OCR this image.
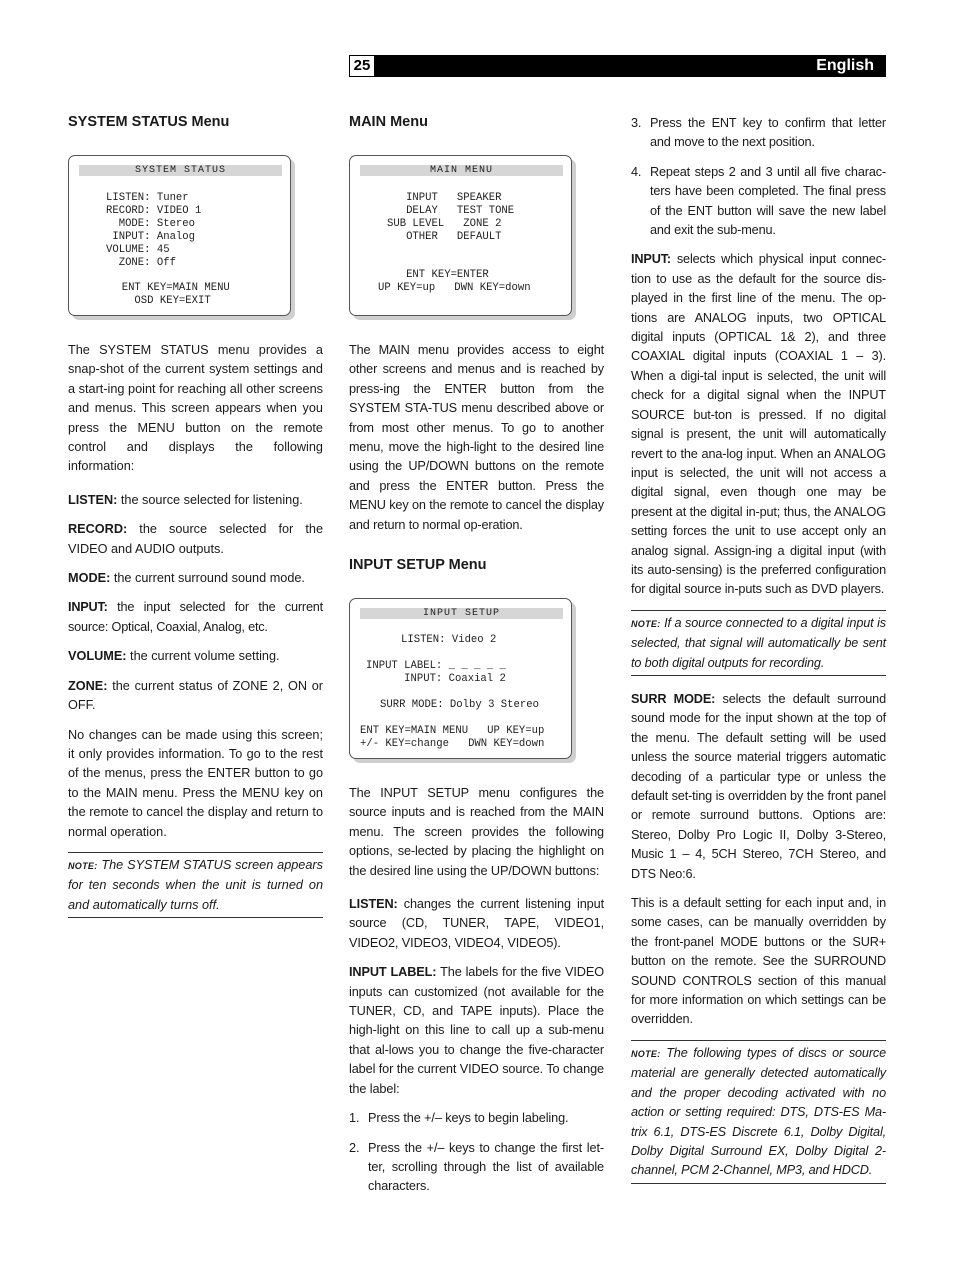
25	English
SYSTEM STATUS Menu
SYSTEM STATUS
LISTEN: Tuner
RECORD: VIDEO 1
MODE: Stereo
INPUT: Analog
VOLUME: 45
ZONE: Off
ENT KEY=MAIN MENU
OSD KEY=EXIT

The SYSTEM STATUS menu provides a snap-shot of the current system settings and a start-ing point for reaching all other screens and menus. This screen appears when you press the MENU button on the remote control and displays the following information:

LISTEN: the source selected for listening.

RECORD: the source selected for the VIDEO and AUDIO outputs.

MODE: the current surround sound mode.

INPUT: the input selected for the current source: Optical, Coaxial, Analog, etc.

VOLUME: the current volume setting.

ZONE: the current status of ZONE 2, ON or OFF.

No changes can be made using this screen; it only provides information. To go to the rest of the menus, press the ENTER button to go to the MAIN menu. Press the MENU key on the remote to cancel the display and return to normal operation.

NOTE: The SYSTEM STATUS screen appears for ten seconds when the unit is turned on and automatically turns off.
MAIN Menu
MAIN MENU
INPUT   SPEAKER
DELAY   TEST TONE
SUB LEVEL   ZONE 2
OTHER   DEFAULT
ENT KEY=ENTER
UP KEY=up   DWN KEY=down

The MAIN menu provides access to eight other screens and menus and is reached by press-ing the ENTER button from the SYSTEM STA-TUS menu described above or from most other menus. To go to another menu, move the high-light to the desired line using the UP/DOWN buttons on the remote and press the ENTER button. Press the MENU key on the remote to cancel the display and return to normal op-eration.

INPUT SETUP Menu
INPUT SETUP
LISTEN: Video 2
INPUT LABEL: _ _ _ _ _
INPUT: Coaxial 2
SURR MODE: Dolby 3 Stereo
ENT KEY=MAIN MENU   UP KEY=up
+/- KEY=change   DWN KEY=down

The INPUT SETUP menu configures the source inputs and is reached from the MAIN menu. The screen provides the following options, se-lected by placing the highlight on the desired line using the UP/DOWN buttons:

LISTEN: changes the current listening input source (CD, TUNER, TAPE, VIDEO1, VIDEO2, VIDEO3, VIDEO4, VIDEO5).

INPUT LABEL: The labels for the five VIDEO inputs can customized (not available for the TUNER, CD, and TAPE inputs). Place the high-light on this line to call up a sub-menu that al-lows you to change the five-character label for the current VIDEO source. To change the label:

1. Press the +/– keys to begin labeling.
2. Press the +/– keys to change the first let-ter, scrolling through the list of available characters.
3. Press the ENT key to confirm that letter and move to the next position.
4. Repeat steps 2 and 3 until all five charac-ters have been completed. The final press of the ENT button will save the new label and exit the sub-menu.

INPUT: selects which physical input connec-tion to use as the default for the source dis-played in the first line of the menu. The op-tions are ANALOG inputs, two OPTICAL digital inputs (OPTICAL 1& 2), and three COAXIAL digital inputs (COAXIAL 1 – 3). When a digi-tal input is selected, the unit will check for a digital signal when the INPUT SOURCE but-ton is pressed. If no digital signal is present, the unit will automatically revert to the ana-log input. When an ANALOG input is selected, the unit will not access a digital signal, even though one may be present at the digital in-put; thus, the ANALOG setting forces the unit to use accept only an analog signal. Assign-ing a digital input (with its auto-sensing) is the preferred configuration for digital source in-puts such as DVD players.

NOTE: If a source connected to a digital input is selected, that signal will automatically be sent to both digital outputs for recording.

SURR MODE: selects the default surround sound mode for the input shown at the top of the menu. The default setting will be used unless the source material triggers automatic decoding of a particular type or unless the default set-ting is overridden by the front panel or remote surround buttons. Options are: Stereo, Dolby Pro Logic II, Dolby 3-Stereo, Music 1 – 4, 5CH Stereo, 7CH Stereo, and DTS Neo:6.

This is a default setting for each input and, in some cases, can be manually overridden by the front-panel MODE buttons or the SUR+ button on the remote. See the SURROUND SOUND CONTROLS section of this manual for more information on which settings can be overridden.

NOTE: The following types of discs or source material are generally detected automatically and the proper decoding activated with no action or setting required: DTS, DTS-ES Ma-trix 6.1, DTS-ES Discrete 6.1, Dolby Digital, Dolby Digital Surround EX, Dolby Digital 2-channel, PCM 2-Channel, MP3, and HDCD.
